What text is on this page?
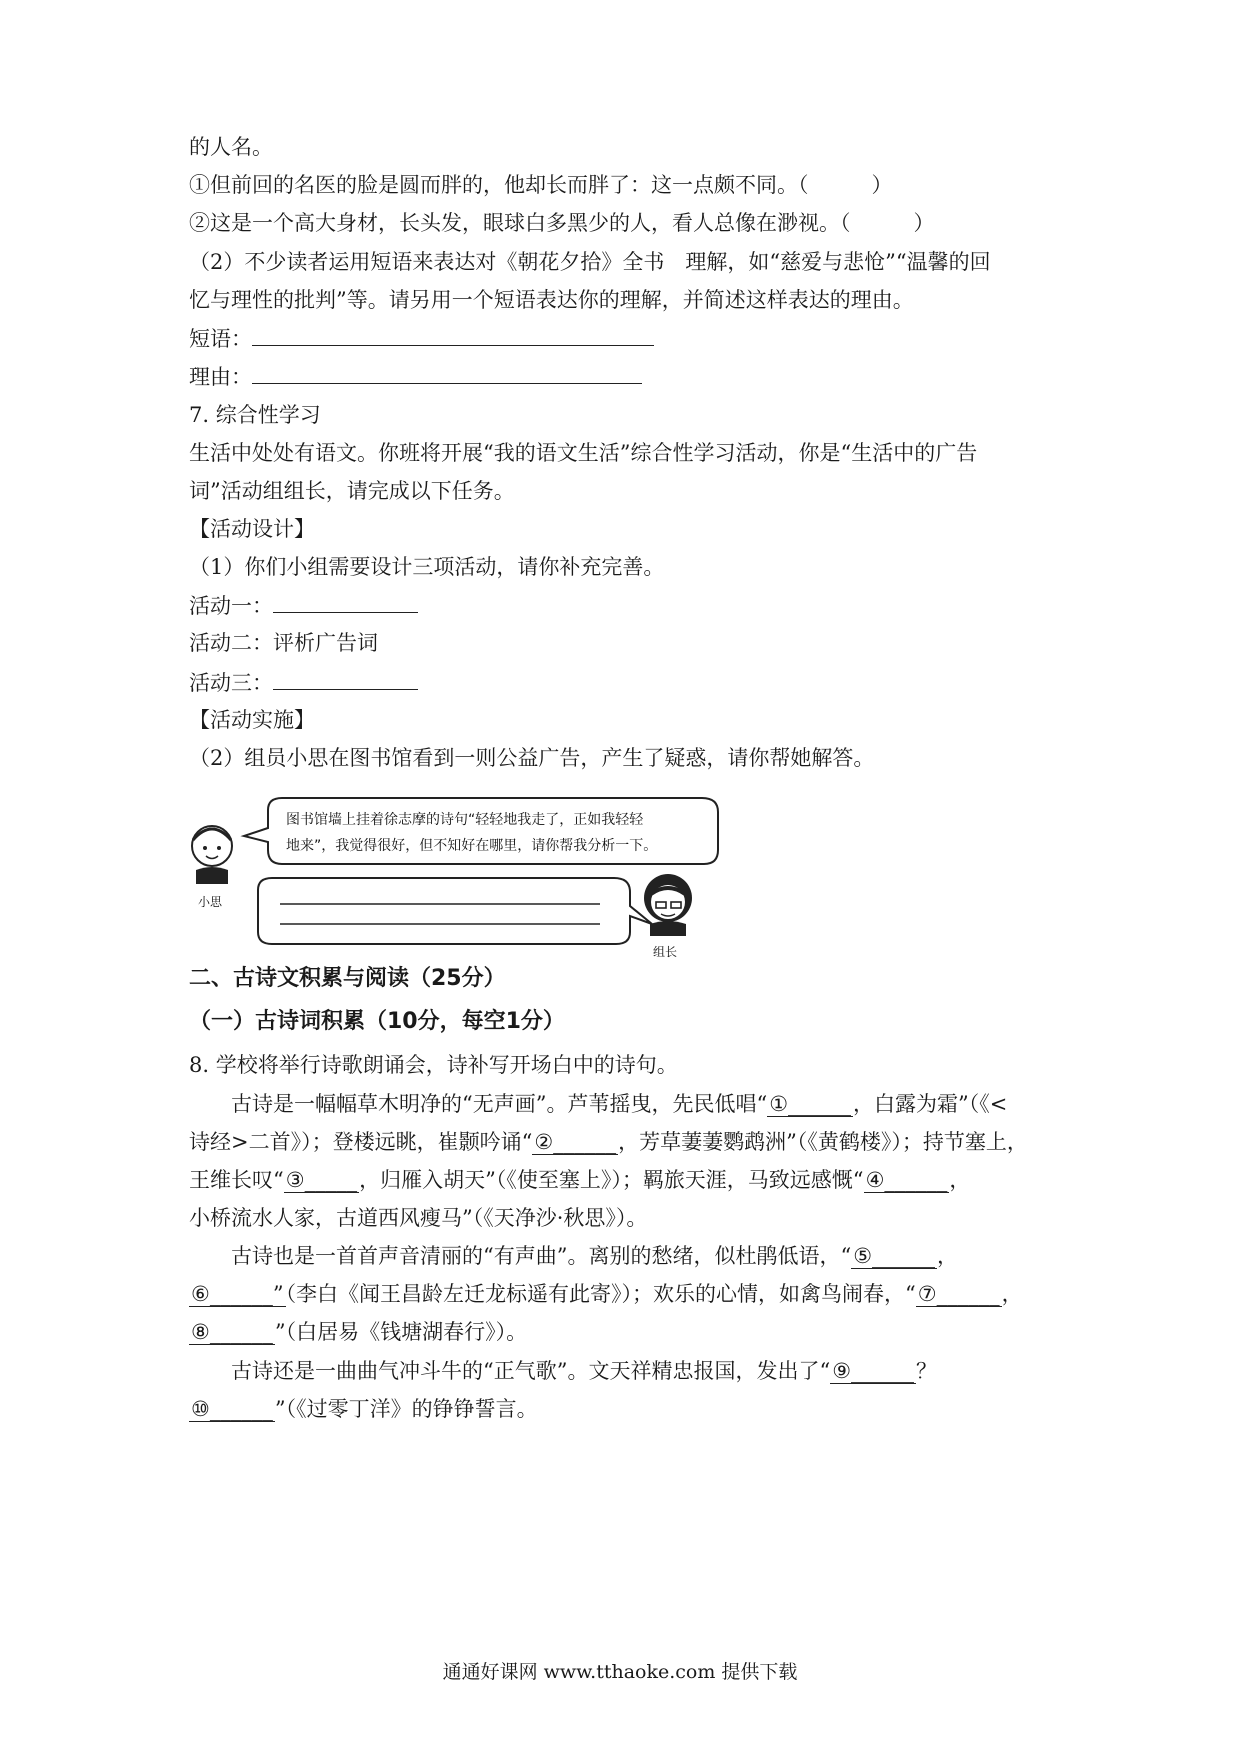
的人名。
①但前回的名医的脸是圆而胖的，他却长而胖了：这一点颇不同。（　　　）
②这是一个高大身材，长头发，眼球白多黑少的人，看人总像在渺视。（　　　）
（2）不少读者运用短语来表达对《朝花夕拾》全书　理解，如“慈爱与悲怆”“温馨的回
忆与理性的批判”等。请另用一个短语表达你的理解，并简述这样表达的理由。
短语：
理由：
7. 综合性学习
生活中处处有语文。你班将开展“我的语文生活”综合性学习活动，你是“生活中的广告
词”活动组组长，请完成以下任务。
【活动设计】
（1）你们小组需要设计三项活动，请你补充完善。
活动一：
活动二：评析广告词
活动三：
【活动实施】
（2）组员小思在图书馆看到一则公益广告，产生了疑惑，请你帮她解答。
图书馆墙上挂着徐志摩的诗句“轻轻地我走了，正如我轻轻
地来”，我觉得很好，但不知好在哪里，请你帮我分析一下。
小思
组长
二、古诗文积累与阅读（25分）
（一）古诗词积累（10分，每空1分）
8. 学校将举行诗歌朗诵会，诗补写开场白中的诗句。
古诗是一幅幅草木明净的“无声画”。芦苇摇曳，先民低唱“①______，白露为霜”（《<
诗经>二首》）；登楼远眺，崔颢吟诵“②______，芳草萋萋鹦鹉洲”（《黄鹤楼》）；持节塞上，
王维长叹“③_____，归雁入胡天”（《使至塞上》）；羁旅天涯，马致远感慨“④______，
小桥流水人家，古道西风瘦马”（《天净沙·秋思》）。
古诗也是一首首声音清丽的“有声曲”。离别的愁绪，似杜鹃低语，“⑤______，
⑥______”（李白《闻王昌龄左迁龙标遥有此寄》）；欢乐的心情，如禽鸟闹春，“⑦______，
⑧______”（白居易《钱塘湖春行》）。
古诗还是一曲曲气冲斗牛的“正气歌”。文天祥精忠报国，发出了“⑨______？
⑩______”（《过零丁洋》的铮铮誓言。
通通好课网 www.tthaoke.com 提供下载
